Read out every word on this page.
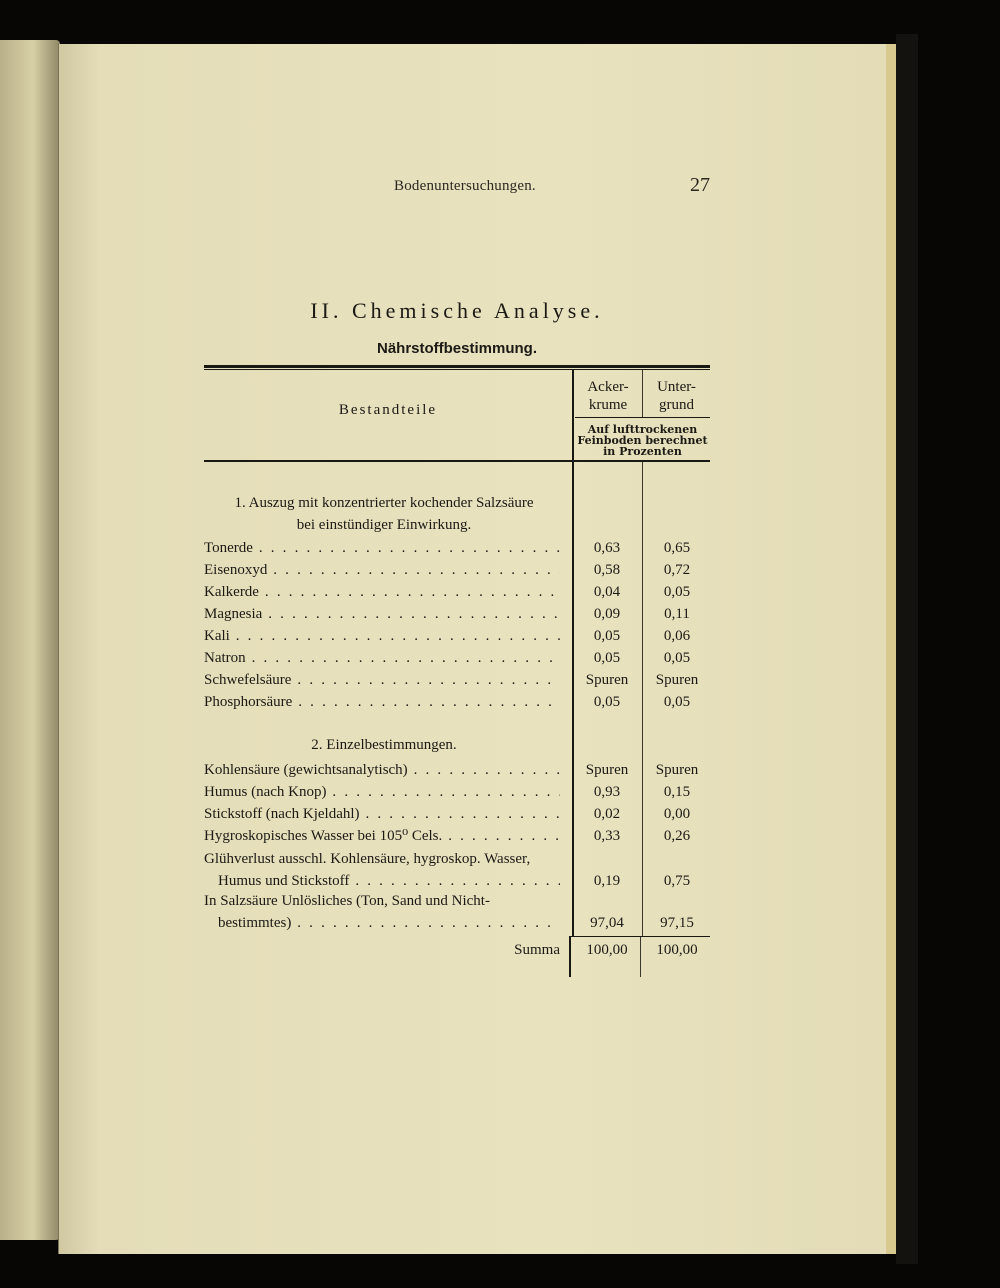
Bodenuntersuchungen.	27
II. Chemische Analyse.
Nährstoffbestimmung.
Bestandteile
Acker-
krume
Unter-
grund
Auf lufttrockenen
Feinboden berechnet
in Prozenten
1. Auszug mit konzentrierter kochender Salzsäure
bei einstündiger Einwirkung.
Tonerde . . .	0,63	0,65
Eisenoxyd . . .	0,58	0,72
Kalkerde . . .	0,04	0,05
Magnesia . . .	0,09	0,11
Kali . . .	0,05	0,06
Natron . . .	0,05	0,05
Schwefelsäure . . .	Spuren	Spuren
Phosphorsäure . . .	0,05	0,05
2. Einzelbestimmungen.
Kohlensäure (gewichtsanalytisch) . . .	Spuren	Spuren
Humus (nach Knop) . . .	0,93	0,15
Stickstoff (nach Kjeldahl) . . .	0,02	0,00
Hygroskopisches Wasser bei 105⁰ Cels. . . .	0,33	0,26
Glühverlust ausschl. Kohlensäure, hygroskop. Wasser,
Humus und Stickstoff . . .	0,19	0,75
In Salzsäure Unlösliches (Ton, Sand und Nicht-
bestimmtes) . . .	97,04	97,15
Summa	100,00	100,00
